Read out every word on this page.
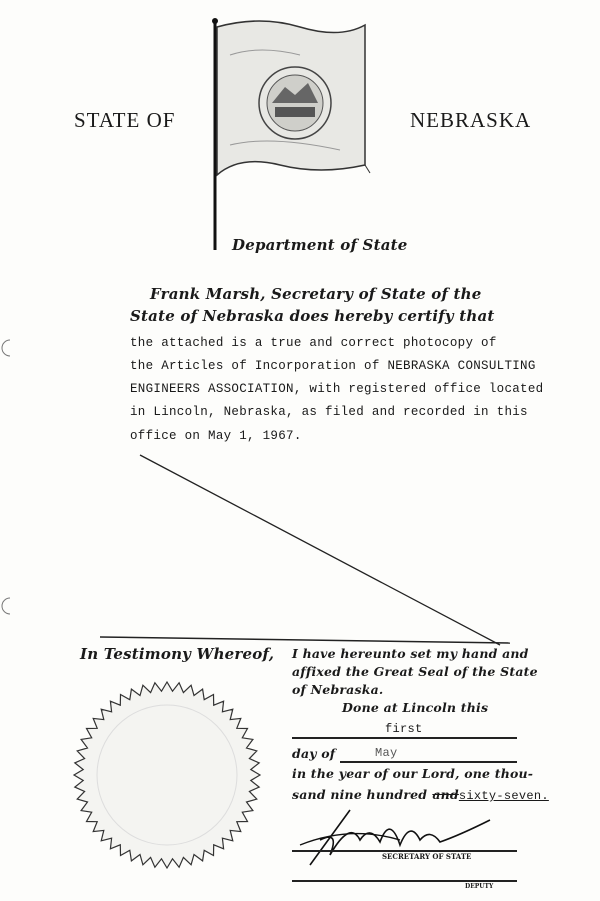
STATE OF	NEBRASKA
Department of State
Frank Marsh, Secretary of State of the
State of Nebraska does hereby certify that
the attached is a true and correct photocopy of
the Articles of Incorporation of NEBRASKA CONSULTING
ENGINEERS ASSOCIATION, with registered office located
in Lincoln, Nebraska, as filed and recorded in this
office on May 1, 1967.
In Testimony Whereof, I have hereunto set my hand and
affixed the Great Seal of the State
of Nebraska.
Done at Lincoln this
first
day of	May
in the year of our Lord, one thou-
sand nine hundred andsixty-seven.
SECRETARY OF STATE
DEPUTY
